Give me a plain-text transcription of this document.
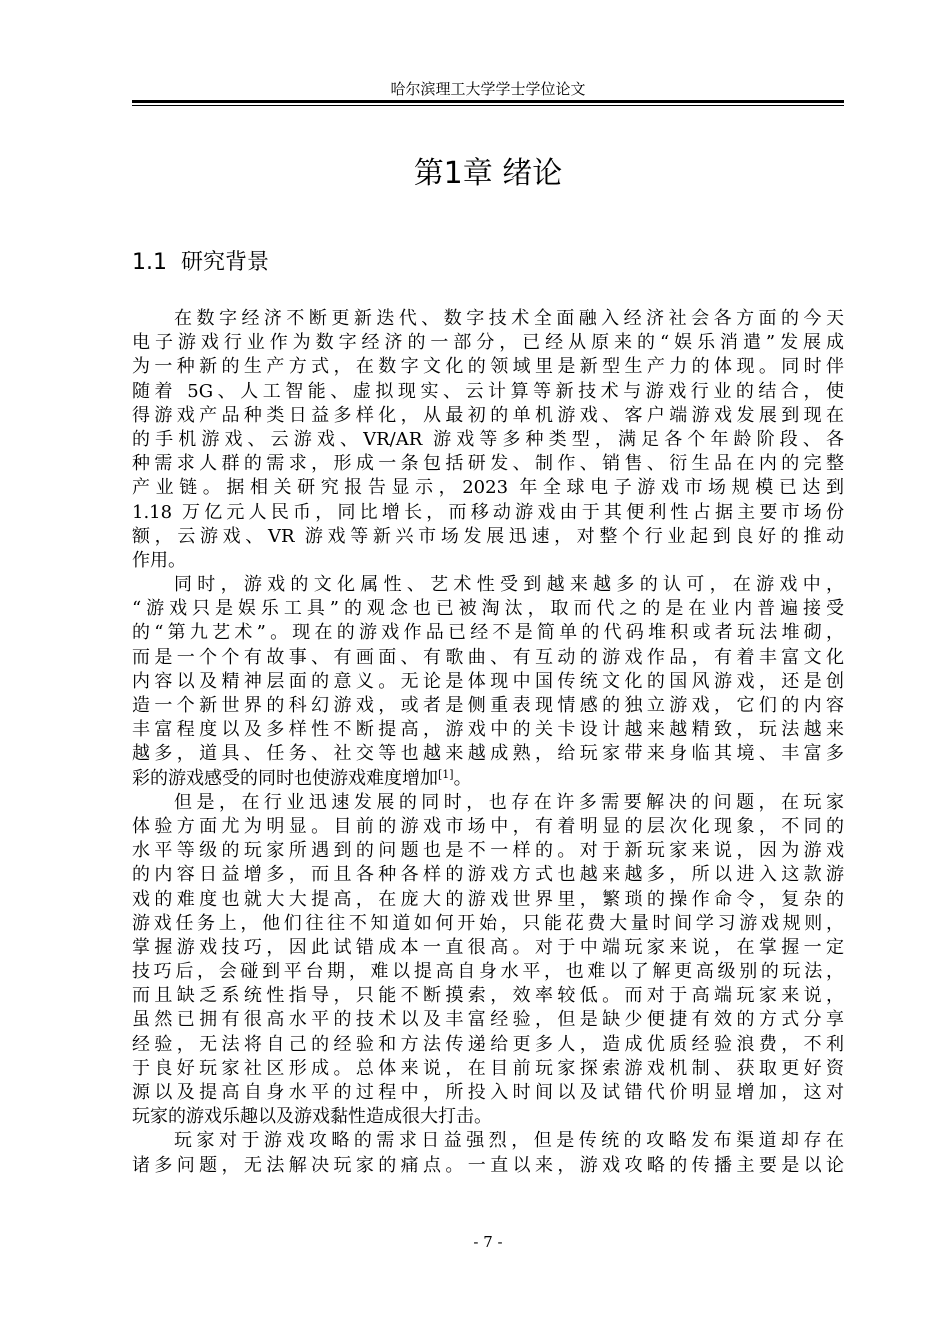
哈尔滨理工大学学士学位论文
第1章 绪论
1.1 研究背景
在数字经济不断更新迭代、数字技术全面融入经济社会各方面的今天
电子游戏行业作为数字经济的一部分，已经从原来的“娱乐消遣”发展成
为一种新的生产方式，在数字文化的领域里是新型生产力的体现。同时伴
随着 5G、人工智能、虚拟现实、云计算等新技术与游戏行业的结合，使
得游戏产品种类日益多样化，从最初的单机游戏、客户端游戏发展到现在
的手机游戏、云游戏、VR/AR 游戏等多种类型，满足各个年龄阶段、各
种需求人群的需求，形成一条包括研发、制作、销售、衍生品在内的完整
产业链。据相关研究报告显示，2023 年全球电子游戏市场规模已达到
1.18 万亿元人民币，同比增长，而移动游戏由于其便利性占据主要市场份
额，云游戏、VR 游戏等新兴市场发展迅速，对整个行业起到良好的推动
作用。
同时，游戏的文化属性、艺术性受到越来越多的认可，在游戏中，
“游戏只是娱乐工具”的观念也已被淘汰，取而代之的是在业内普遍接受
的“第九艺术”。现在的游戏作品已经不是简单的代码堆积或者玩法堆砌，
而是一个个有故事、有画面、有歌曲、有互动的游戏作品，有着丰富文化
内容以及精神层面的意义。无论是体现中国传统文化的国风游戏，还是创
造一个新世界的科幻游戏，或者是侧重表现情感的独立游戏，它们的内容
丰富程度以及多样性不断提高，游戏中的关卡设计越来越精致，玩法越来
越多，道具、任务、社交等也越来越成熟，给玩家带来身临其境、丰富多
彩的游戏感受的同时也使游戏难度增加[1]。
但是，在行业迅速发展的同时，也存在许多需要解决的问题，在玩家
体验方面尤为明显。目前的游戏市场中，有着明显的层次化现象，不同的
水平等级的玩家所遇到的问题也是不一样的。对于新玩家来说，因为游戏
的内容日益增多，而且各种各样的游戏方式也越来越多，所以进入这款游
戏的难度也就大大提高，在庞大的游戏世界里，繁琐的操作命令，复杂的
游戏任务上，他们往往不知道如何开始，只能花费大量时间学习游戏规则，
掌握游戏技巧，因此试错成本一直很高。对于中端玩家来说，在掌握一定
技巧后，会碰到平台期，难以提高自身水平，也难以了解更高级别的玩法，
而且缺乏系统性指导，只能不断摸索，效率较低。而对于高端玩家来说，
虽然已拥有很高水平的技术以及丰富经验，但是缺少便捷有效的方式分享
经验，无法将自己的经验和方法传递给更多人，造成优质经验浪费，不利
于良好玩家社区形成。总体来说，在目前玩家探索游戏机制、获取更好资
源以及提高自身水平的过程中，所投入时间以及试错代价明显增加，这对
玩家的游戏乐趣以及游戏黏性造成很大打击。
玩家对于游戏攻略的需求日益强烈，但是传统的攻略发布渠道却存在
诸多问题，无法解决玩家的痛点。一直以来，游戏攻略的传播主要是以论
- 7 -
